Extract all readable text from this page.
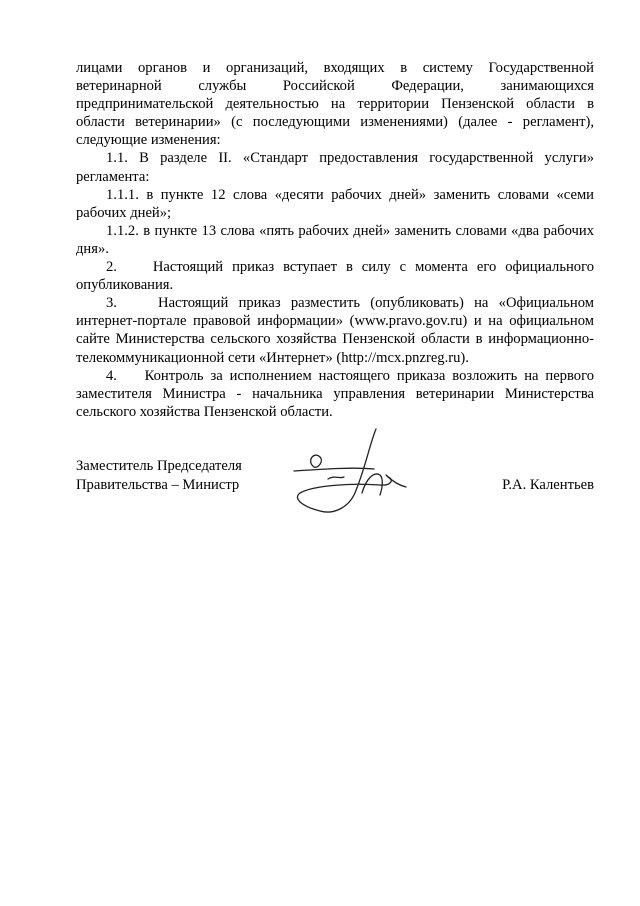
лицами органов и организаций, входящих в систему Государственной ветеринарной службы Российской Федерации, занимающихся предпринимательской деятельностью на территории Пензенской области в области ветеринарии» (с последующими изменениями) (далее - регламент), следующие изменения:

1.1. В разделе II. «Стандарт предоставления государственной услуги» регламента:

1.1.1. в пункте 12 слова «десяти рабочих дней» заменить словами «семи рабочих дней»;

1.1.2. в пункте 13 слова «пять рабочих дней» заменить словами «два рабочих дня».

2.    Настоящий приказ вступает в силу с момента его официального опубликования.

3.    Настоящий приказ разместить (опубликовать) на «Официальном интернет-портале правовой информации» (www.pravo.gov.ru) и на официальном сайте Министерства сельского хозяйства Пензенской области в информационно-телекоммуникационной сети «Интернет» (http://mcx.pnzreg.ru).

4.    Контроль за исполнением настоящего приказа возложить на первого заместителя Министра - начальника управления ветеринарии Министерства сельского хозяйства Пензенской области.

Заместитель Председателя
Правительства – Министр	Р.А. Калентьев
